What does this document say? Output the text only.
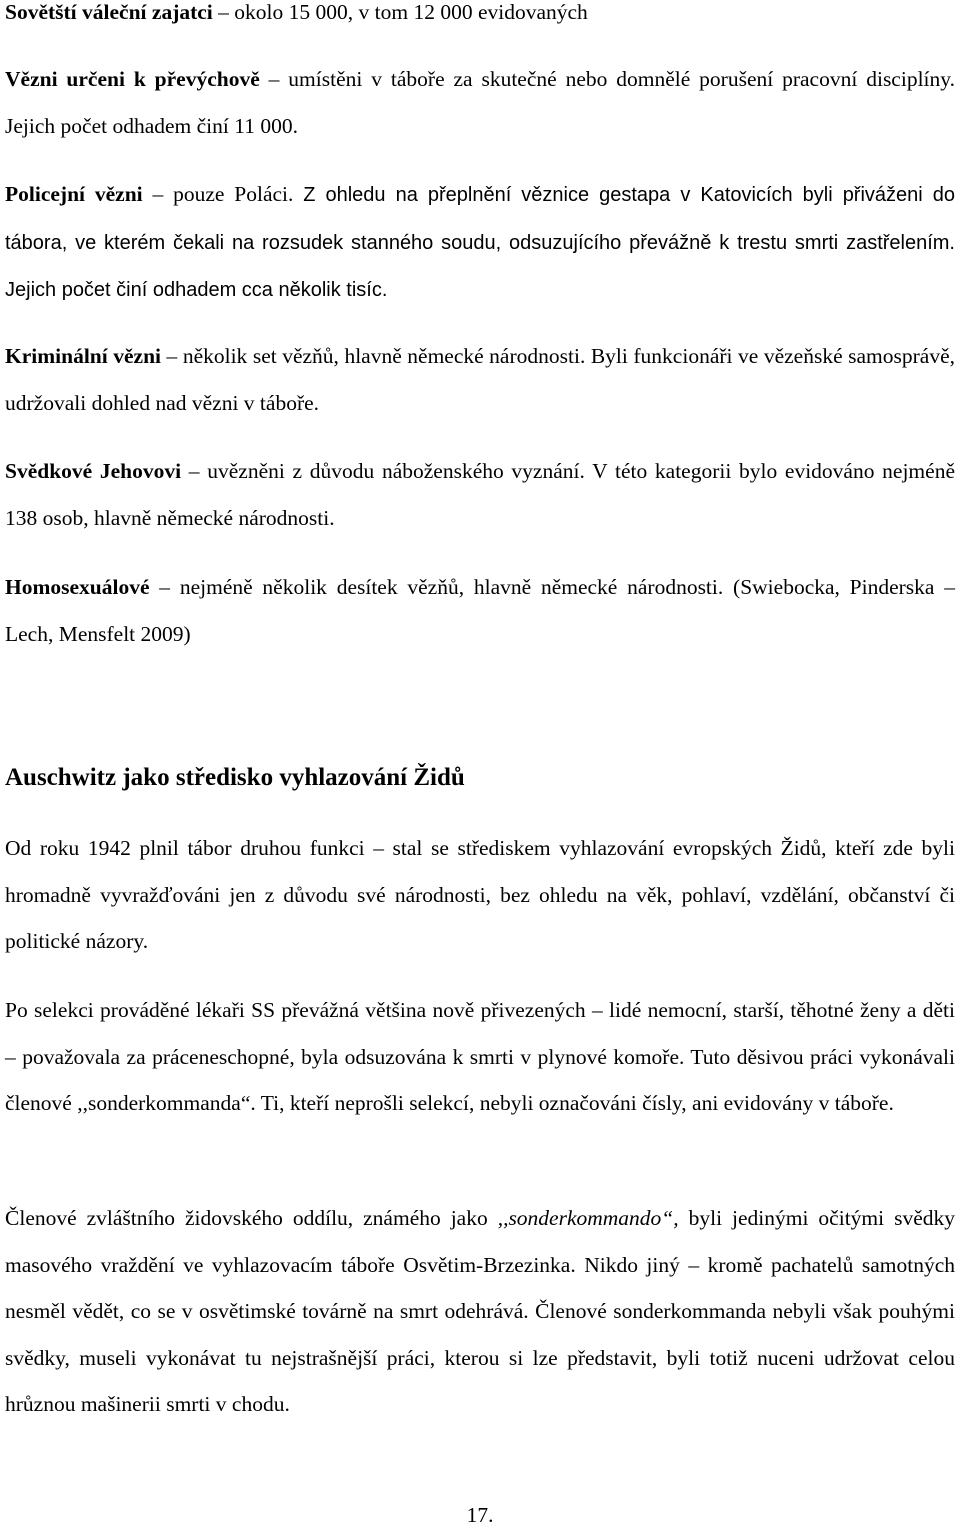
Sovětští váleční zajatci – okolo 15 000, v tom 12 000 evidovaných

Vězni určeni k převýchově – umístěni v táboře za skutečné nebo domnělé porušení pracovní disciplíny. Jejich počet odhadem činí 11 000.

Policejní vězni – pouze Poláci. Z ohledu na přeplnění věznice gestapa v Katovicích byli přiváženi do tábora, ve kterém čekali na rozsudek stanného soudu, odsuzujícího převážně k trestu smrti zastřelením. Jejich počet činí odhadem cca několik tisíc.

Kriminální vězni – několik set vězňů, hlavně německé národnosti. Byli funkcionáři ve vězeňské samosprávě, udržovali dohled nad vězni v táboře.

Svědkové Jehovovi – uvězněni z důvodu náboženského vyznání. V této kategorii bylo evidováno nejméně 138 osob, hlavně německé národnosti.

Homosexuálové – nejméně několik desítek vězňů, hlavně německé národnosti. (Swiebocka, Pinderska – Lech, Mensfelt 2009)

Auschwitz jako středisko vyhlazování Židů

Od roku 1942 plnil tábor druhou funkci – stal se střediskem vyhlazování evropských Židů, kteří zde byli hromadně vyvražďováni jen z důvodu své národnosti, bez ohledu na věk, pohlaví, vzdělání, občanství či politické názory.

Po selekci prováděné lékaři SS převážná většina nově přivezených – lidé nemocní, starší, těhotné ženy a děti – považovala za práceneschopné, byla odsuzována k smrti v plynové komoře. Tuto děsivou práci vykonávali členové ,,sonderkommanda“. Ti, kteří neprošli selekcí, nebyli označováni čísly, ani evidovány v táboře.

Členové zvláštního židovského oddílu, známého jako ,,sonderkommando“, byli jedinými očitými svědky masového vraždění ve vyhlazovacím táboře Osvětim-Brzezinka. Nikdo jiný – kromě pachatelů samotných nesměl vědět, co se v osvětimské továrně na smrt odehrává. Členové sonderkommanda nebyli však pouhými svědky, museli vykonávat tu nejstrašnější práci, kterou si lze představit, byli totiž nuceni udržovat celou hrůznou mašinerii smrti v chodu.

17.
